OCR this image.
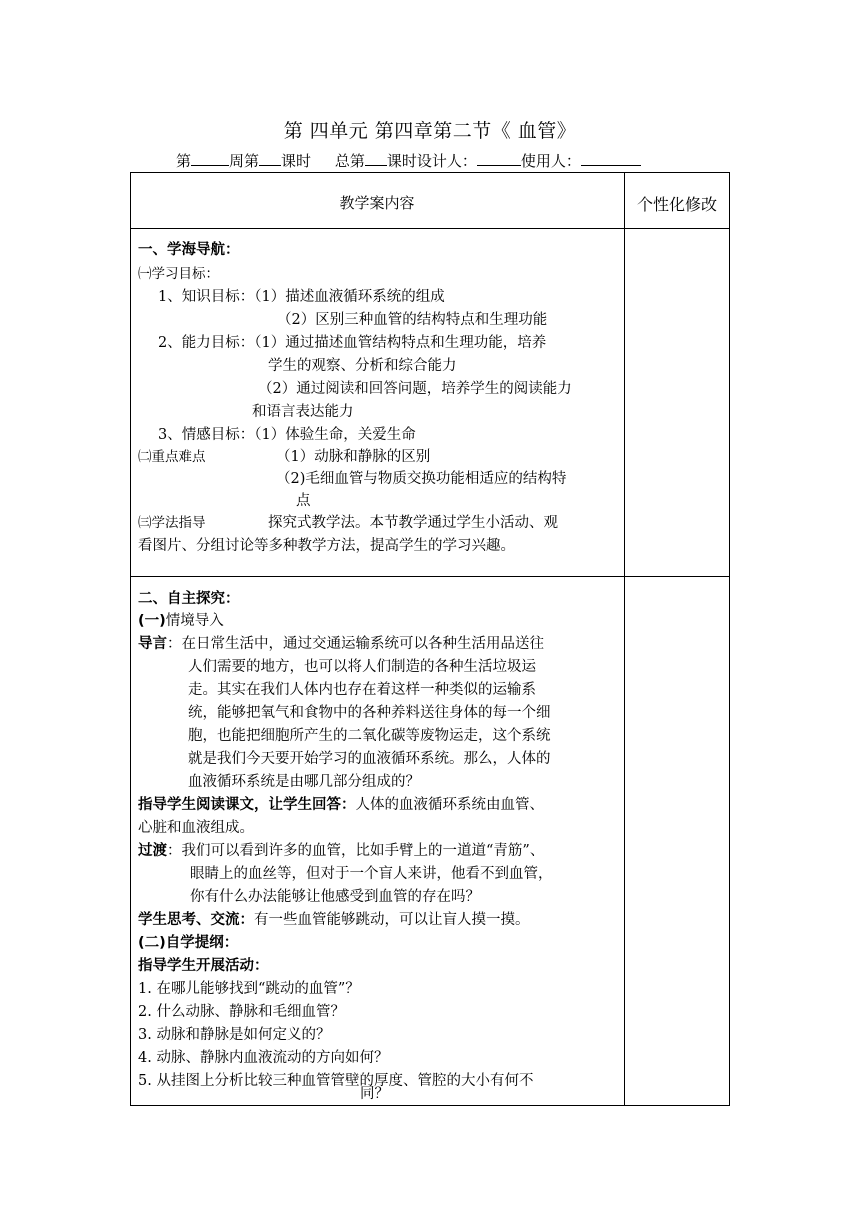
第 四单元 第四章第二节《 血管》
第	周第 课时 总第 课时设计人：	使用人：
教学案内容	个性化修改
一、学海导航：
㈠学习目标：
1、知识目标：（1）描述血液循环系统的组成
（2）区别三种血管的结构特点和生理功能
2、能力目标：（1）通过描述血管结构特点和生理功能，培养
学生的观察、分析和综合能力
（2）通过阅读和回答问题，培养学生的阅读能力
和语言表达能力
3、情感目标：（1）体验生命，关爱生命
㈡重点难点	（1）动脉和静脉的区别
（2)毛细血管与物质交换功能相适应的结构特
点
㈢学法指导	探究式教学法。本节教学通过学生小活动、观
看图片、分组讨论等多种教学方法，提高学生的学习兴趣。
二、自主探究：
(一)情境导入
导言：在日常生活中，通过交通运输系统可以各种生活用品送往
人们需要的地方，也可以将人们制造的各种生活垃圾运
走。其实在我们人体内也存在着这样一种类似的运输系
统，能够把氧气和食物中的各种养料送往身体的每一个细
胞，也能把细胞所产生的二氧化碳等废物运走，这个系统
就是我们今天要开始学习的血液循环系统。那么，人体的
血液循环系统是由哪几部分组成的？
指导学生阅读课文，让学生回答：人体的血液循环系统由血管、
心脏和血液组成。
过渡：我们可以看到许多的血管，比如手臂上的一道道“青筋”、
眼睛上的血丝等，但对于一个盲人来讲，他看不到血管，
你有什么办法能够让他感受到血管的存在吗？
学生思考、交流：有一些血管能够跳动，可以让盲人摸一摸。
(二)自学提纲：
指导学生开展活动：
1. 在哪儿能够找到“跳动的血管”？
2. 什么动脉、静脉和毛细血管？
3. 动脉和静脉是如何定义的？
4. 动脉、静脉内血液流动的方向如何？
5. 从挂图上分析比较三种血管管壁的厚度、管腔的大小有何不
同？
